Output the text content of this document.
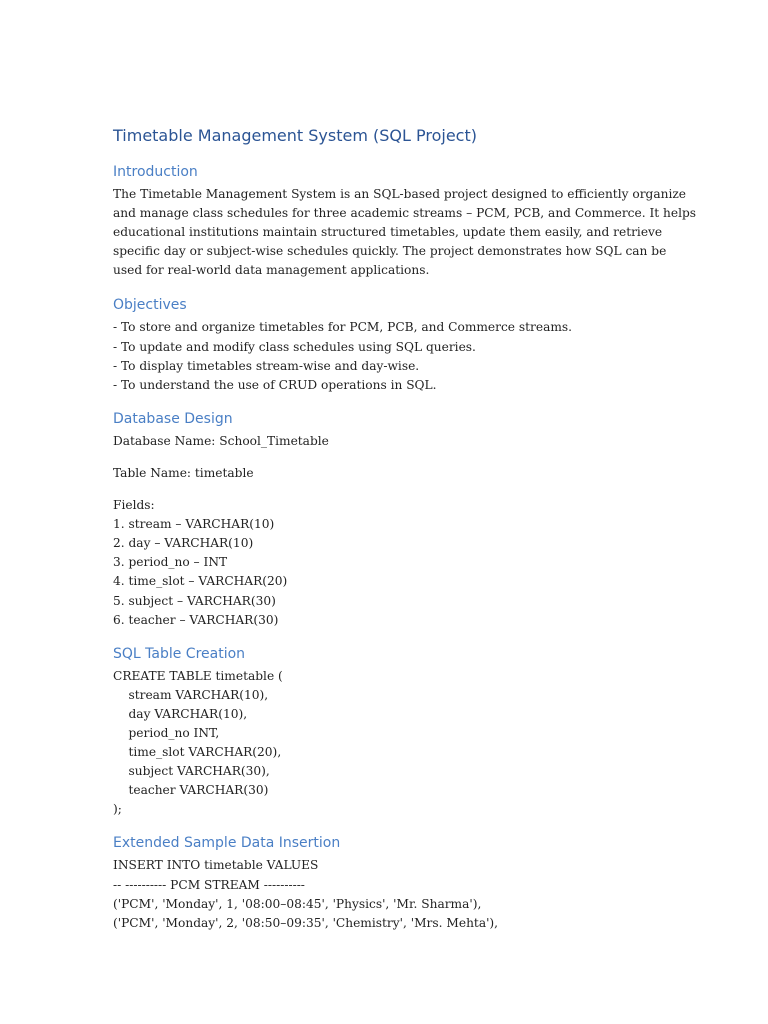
Timetable Management System (SQL Project)
Introduction
The Timetable Management System is an SQL-based project designed to efficiently organize
and manage class schedules for three academic streams – PCM, PCB, and Commerce. It helps
educational institutions maintain structured timetables, update them easily, and retrieve
specific day or subject-wise schedules quickly. The project demonstrates how SQL can be
used for real-world data management applications.
Objectives
- To store and organize timetables for PCM, PCB, and Commerce streams.
- To update and modify class schedules using SQL queries.
- To display timetables stream-wise and day-wise.
- To understand the use of CRUD operations in SQL.
Database Design
Database Name: School_Timetable
Table Name: timetable
Fields:
1. stream – VARCHAR(10)
2. day – VARCHAR(10)
3. period_no – INT
4. time_slot – VARCHAR(20)
5. subject – VARCHAR(30)
6. teacher – VARCHAR(30)
SQL Table Creation
CREATE TABLE timetable (
stream VARCHAR(10),
day VARCHAR(10),
period_no INT,
time_slot VARCHAR(20),
subject VARCHAR(30),
teacher VARCHAR(30)
);
Extended Sample Data Insertion
INSERT INTO timetable VALUES
-- ---------- PCM STREAM ----------
('PCM', 'Monday', 1, '08:00–08:45', 'Physics', 'Mr. Sharma'),
('PCM', 'Monday', 2, '08:50–09:35', 'Chemistry', 'Mrs. Mehta'),
